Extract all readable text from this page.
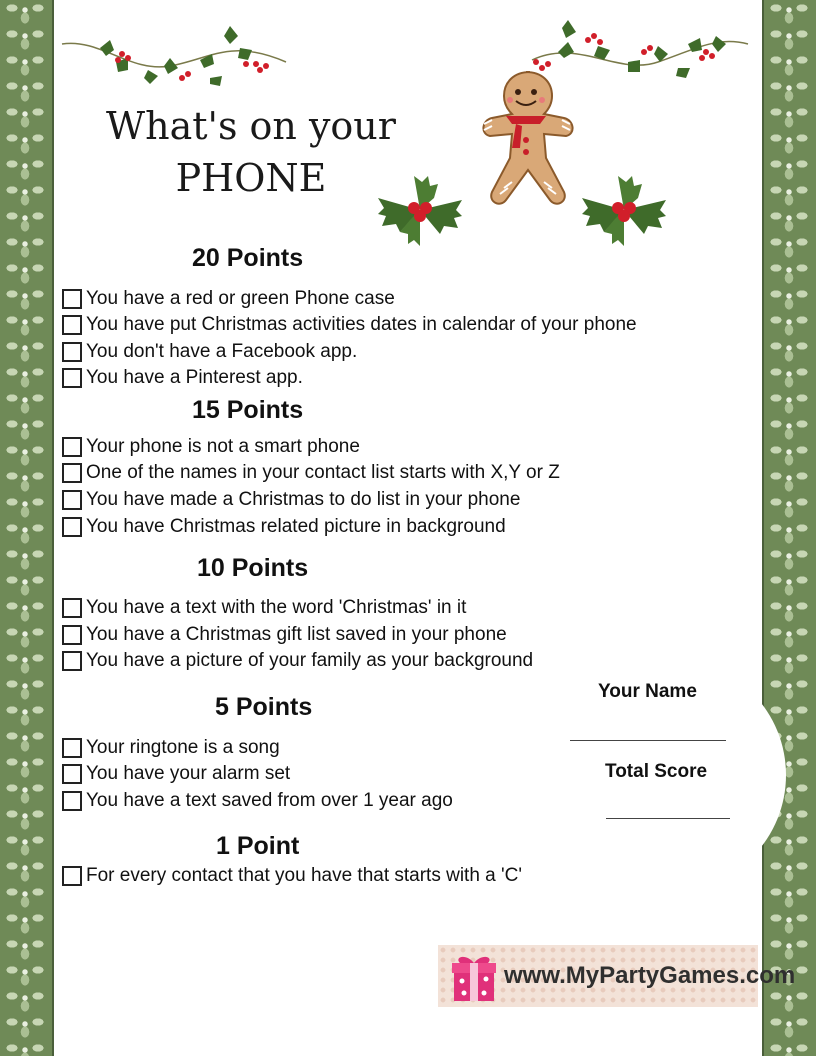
What's on your
PHONE
Your Name
Total Score
20 Points
You have a red or green Phone case
You have put Christmas activities dates in calendar of your phone
You don't have a Facebook app.
You have a Pinterest app.
15 Points
Your phone is not a smart phone
One of the names in your contact list starts with X,Y or Z
You have made a Christmas to do list in your phone
You have Christmas related picture in background
10 Points
You have a text with the word 'Christmas' in it
You have a Christmas gift list saved in your phone
You have a picture of your family as your background
5 Points
Your ringtone is a song
You have your alarm set
You have a text saved from over 1 year ago
1 Point
For every contact that you have that starts with a 'C'
www.MyPartyGames.com
